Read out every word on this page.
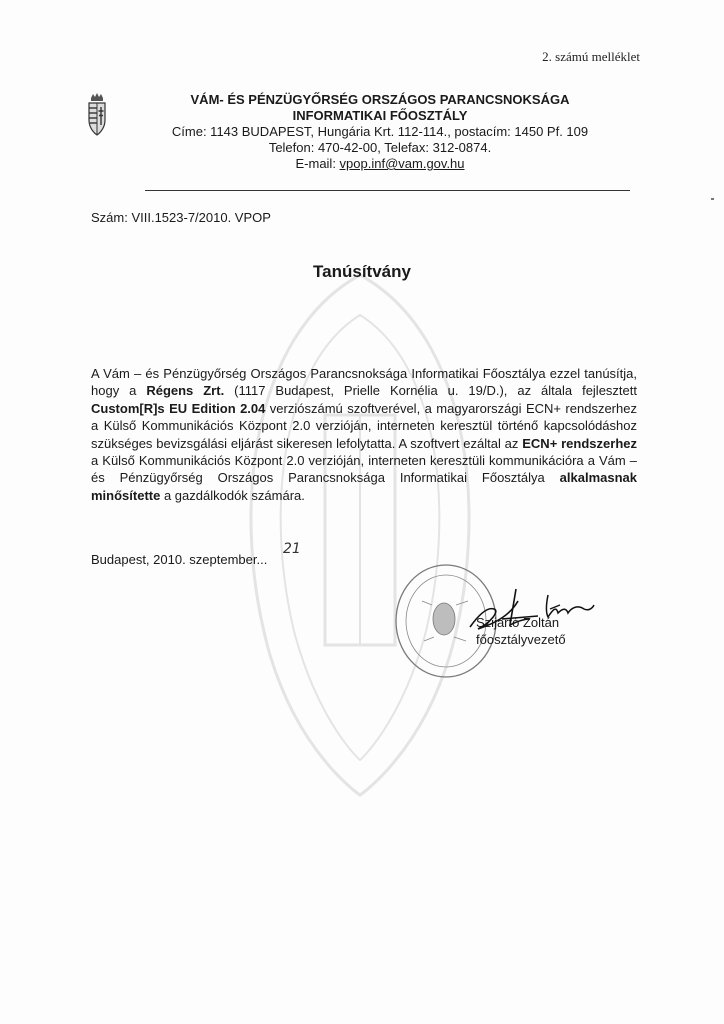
2. számú melléklet
VÁM- ÉS PÉNZÜGYŐRSÉG ORSZÁGOS PARANCSNOKSÁGA
INFORMATIKAI FŐOSZTÁLY
Címe: 1143 BUDAPEST, Hungária Krt. 112-114., postacím: 1450 Pf. 109
Telefon: 470-42-00, Telefax: 312-0874.
E-mail: vpop.inf@vam.gov.hu
Szám: VIII.1523-7/2010. VPOP
Tanúsítvány
A Vám – és Pénzügyőrség Országos Parancsnoksága Informatikai Főosztálya ezzel tanúsítja, hogy a Régens Zrt. (1117 Budapest, Prielle Kornélia u. 19/D.), az általa fejlesztett Custom[R]s EU Edition 2.04 verziószámú szoftverével, a magyarországi ECN+ rendszerhez a Külső Kommunikációs Központ 2.0 verzióján, interneten keresztül történő kapcsolódáshoz szükséges bevizsgálási eljárást sikeresen lefolytatta. A szoftvert ezáltal az ECN+ rendszerhez a Külső Kommunikációs Központ 2.0 verzióján, interneten keresztüli kommunikációra a Vám – és Pénzügyőrség Országos Parancsnoksága Informatikai Főosztálya alkalmasnak minősítette a gazdálkodók számára.
Budapest, 2010. szeptember...
21
Szijártó Zoltán
főosztályvezető
